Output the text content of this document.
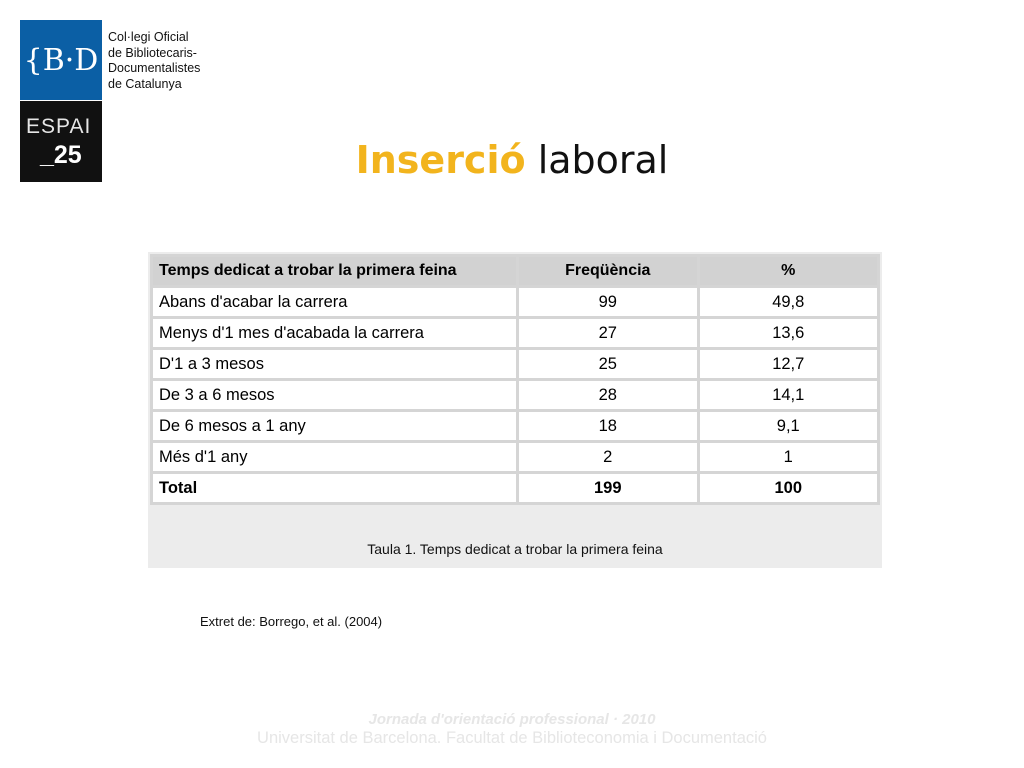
{B·D
Col·legi Oficial
de Bibliotecaris-
Documentalistes
de Catalunya
ESPAI
_25	Inserció laboral
Temps dedicat a trobar la primera feina	Freqüència	%
Abans d'acabar la carrera	99	49,8
Menys d'1 mes d'acabada la carrera	27	13,6
D'1 a 3 mesos	25	12,7
De 3 a 6 mesos	28	14,1
De 6 mesos a 1 any	18	9,1
Més d'1 any	2	1
Total	199	100
Taula 1. Temps dedicat a trobar la primera feina
Extret de: Borrego, et al. (2004)
Jornada d'orientació professional · 2010
Universitat de Barcelona. Facultat de Biblioteconomia i Documentació
